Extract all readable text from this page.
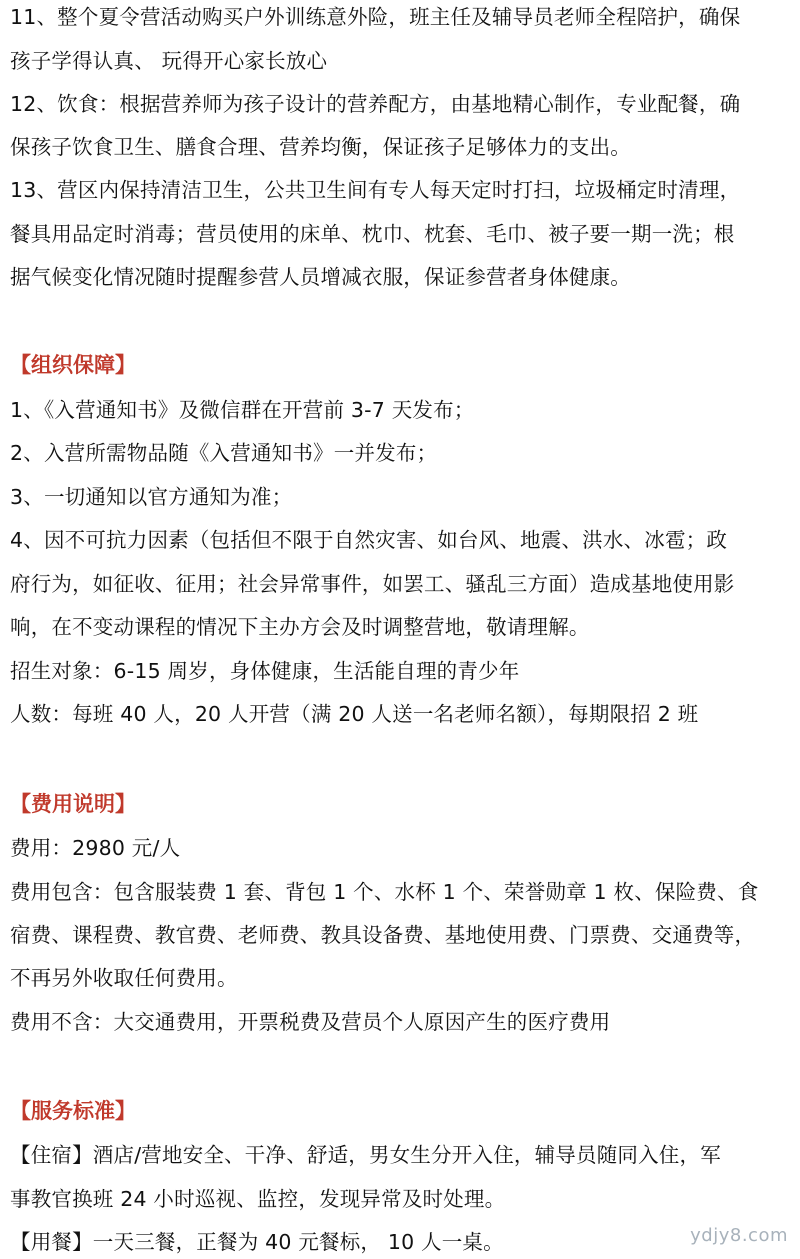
11、整个夏令营活动购买户外训练意外险，班主任及辅导员老师全程陪护，确保
孩子学得认真、 玩得开心家长放心
12、饮食：根据营养师为孩子设计的营养配方，由基地精心制作，专业配餐，确
保孩子饮食卫生、膳食合理、营养均衡，保证孩子足够体力的支出。
13、营区内保持清洁卫生，公共卫生间有专人每天定时打扫，垃圾桶定时清理，
餐具用品定时消毒；营员使用的床单、枕巾、枕套、毛巾、被子要一期一洗；根
据气候变化情况随时提醒参营人员增减衣服，保证参营者身体健康。
【组织保障】
1、《入营通知书》及微信群在开营前 3-7 天发布；
2、入营所需物品随《入营通知书》一并发布；
3、一切通知以官方通知为准；
4、因不可抗力因素（包括但不限于自然灾害、如台风、地震、洪水、冰雹；政
府行为，如征收、征用；社会异常事件，如罢工、骚乱三方面）造成基地使用影
响，在不变动课程的情况下主办方会及时调整营地，敬请理解。
招生对象：6-15 周岁，身体健康，生活能自理的青少年
人数：每班 40 人，20 人开营（满 20 人送一名老师名额），每期限招 2 班
【费用说明】
费用：2980 元/人
费用包含：包含服装费 1 套、背包 1 个、水杯 1 个、荣誉勋章 1 枚、保险费、食
宿费、课程费、教官费、老师费、教具设备费、基地使用费、门票费、交通费等，
不再另外收取任何费用。
费用不含：大交通费用，开票税费及营员个人原因产生的医疗费用
【服务标准】
【住宿】酒店/营地安全、干净、舒适，男女生分开入住，辅导员随同入住，军
事教官换班 24 小时巡视、监控，发现异常及时处理。
【用餐】一天三餐，正餐为 40 元餐标， 10 人一桌。	ydjy8.com
